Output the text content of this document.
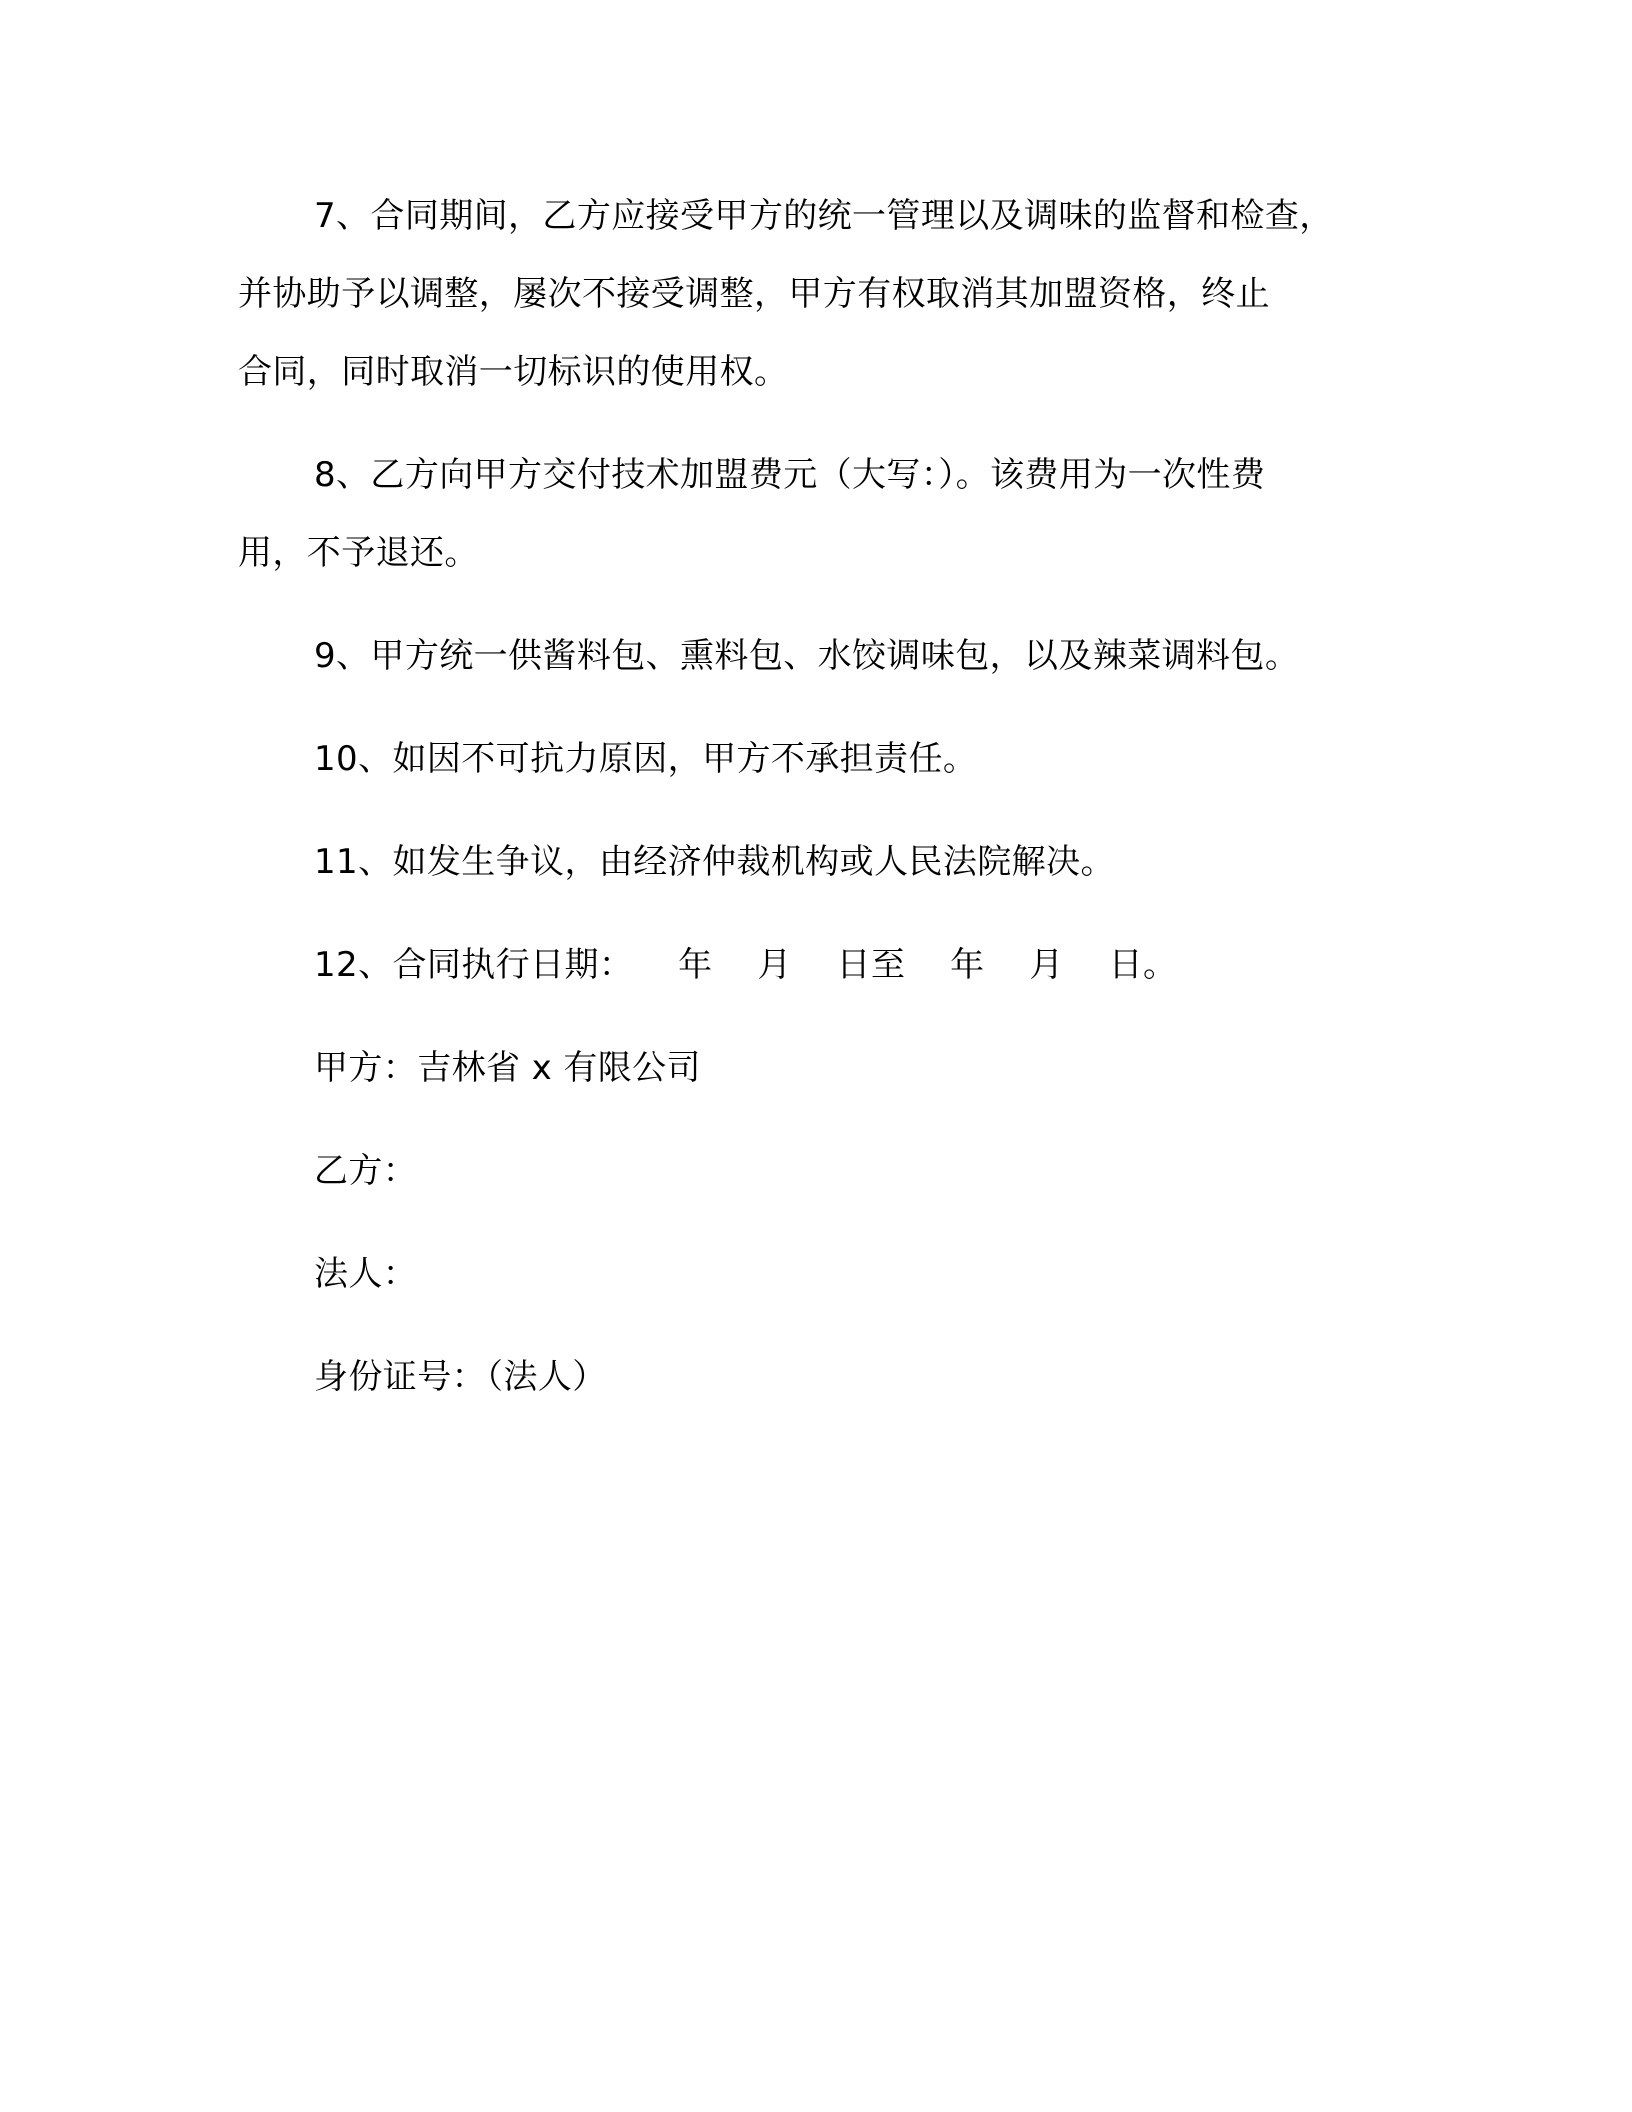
7、合同期间，乙方应接受甲方的统一管理以及调味的监督和检查，
并协助予以调整，屡次不接受调整，甲方有权取消其加盟资格，终止
合同，同时取消一切标识的使用权。
8、乙方向甲方交付技术加盟费元（大写：）。该费用为一次性费
用，不予退还。
9、甲方统一供酱料包、熏料包、水饺调味包，以及辣菜调料包。
10、如因不可抗力原因，甲方不承担责任。
11、如发生争议，由经济仲裁机构或人民法院解决。
12、合同执行日期：    年    月    日至    年    月    日。
甲方：吉林省 x 有限公司
乙方：
法人：
身份证号：（法人）
